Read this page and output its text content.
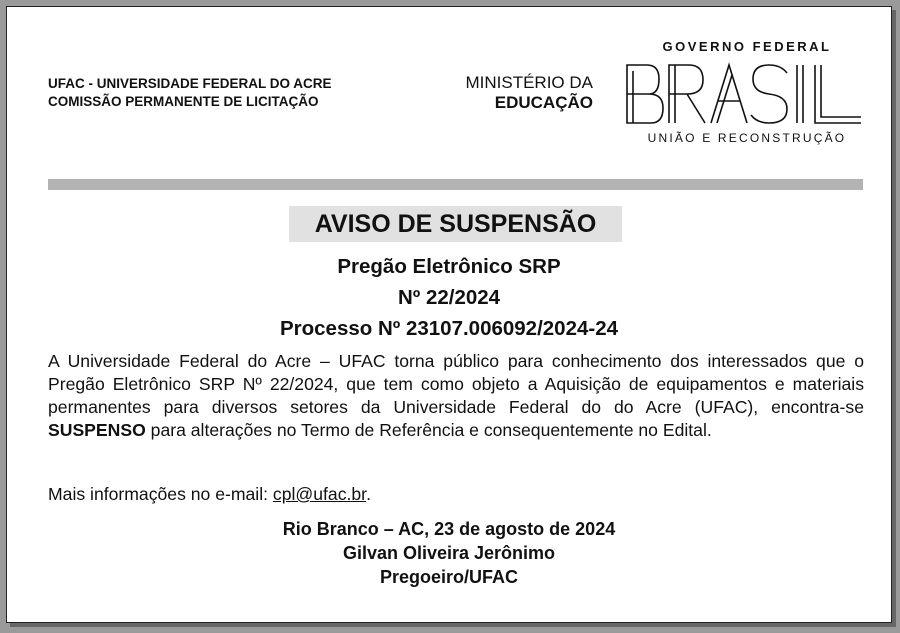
UFAC - UNIVERSIDADE FEDERAL DO ACRE
COMISSÃO PERMANENTE DE LICITAÇÃO
MINISTÉRIO DA
EDUCAÇÃO
GOVERNO FEDERAL
UNIÃO E RECONSTRUÇÃO
AVISO DE SUSPENSÃO
Pregão Eletrônico SRP
Nº 22/2024
Processo Nº 23107.006092/2024-24
A Universidade Federal do Acre – UFAC torna público para conhecimento dos interessados que o Pregão Eletrônico SRP Nº 22/2024, que tem como objeto a Aquisição de equipamentos e materiais permanentes para diversos setores da Universidade Federal do do Acre (UFAC), encontra-se SUSPENSO para alterações no Termo de Referência e consequentemente no Edital.
Mais informações no e-mail: cpl@ufac.br.
Rio Branco – AC, 23 de agosto de 2024
Gilvan Oliveira Jerônimo
Pregoeiro/UFAC
